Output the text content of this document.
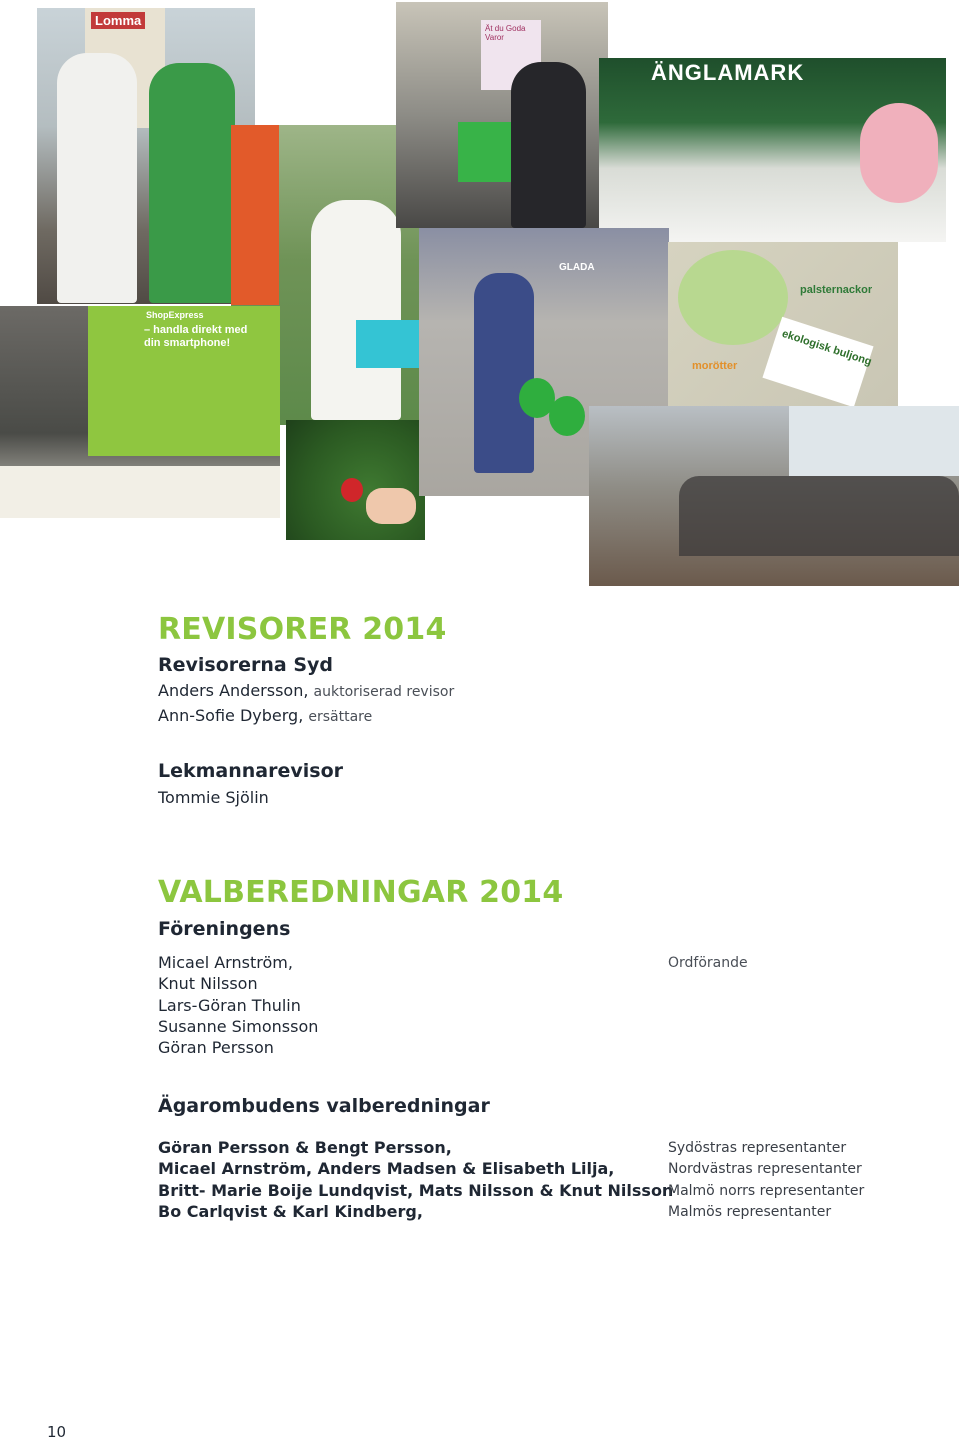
Lomma
Ät du Goda Varor
ÄNGLAMARK
ShopExpress
– handla direkt med din smartphone!
GLADA
palsternackor
ekologisk buljong
morötter
REVISORER 2014
Revisorerna Syd
Anders Andersson, auktoriserad revisor
Ann-Sofie Dyberg, ersättare
Lekmannarevisor
Tommie Sjölin
VALBEREDNINGAR 2014
Föreningens
Micael Arnström,
Knut Nilsson
Lars-Göran Thulin
Susanne Simonsson
Göran Persson
Ordförande
Ägarombudens valberedningar
Göran Persson & Bengt Persson,
Micael Arnström, Anders Madsen & Elisabeth Lilja,
Britt- Marie Boije Lundqvist, Mats Nilsson & Knut Nilsson
Bo Carlqvist & Karl Kindberg,
Sydöstras representanter
Nordvästras representanter
Malmö norrs representanter
Malmös representanter
10
